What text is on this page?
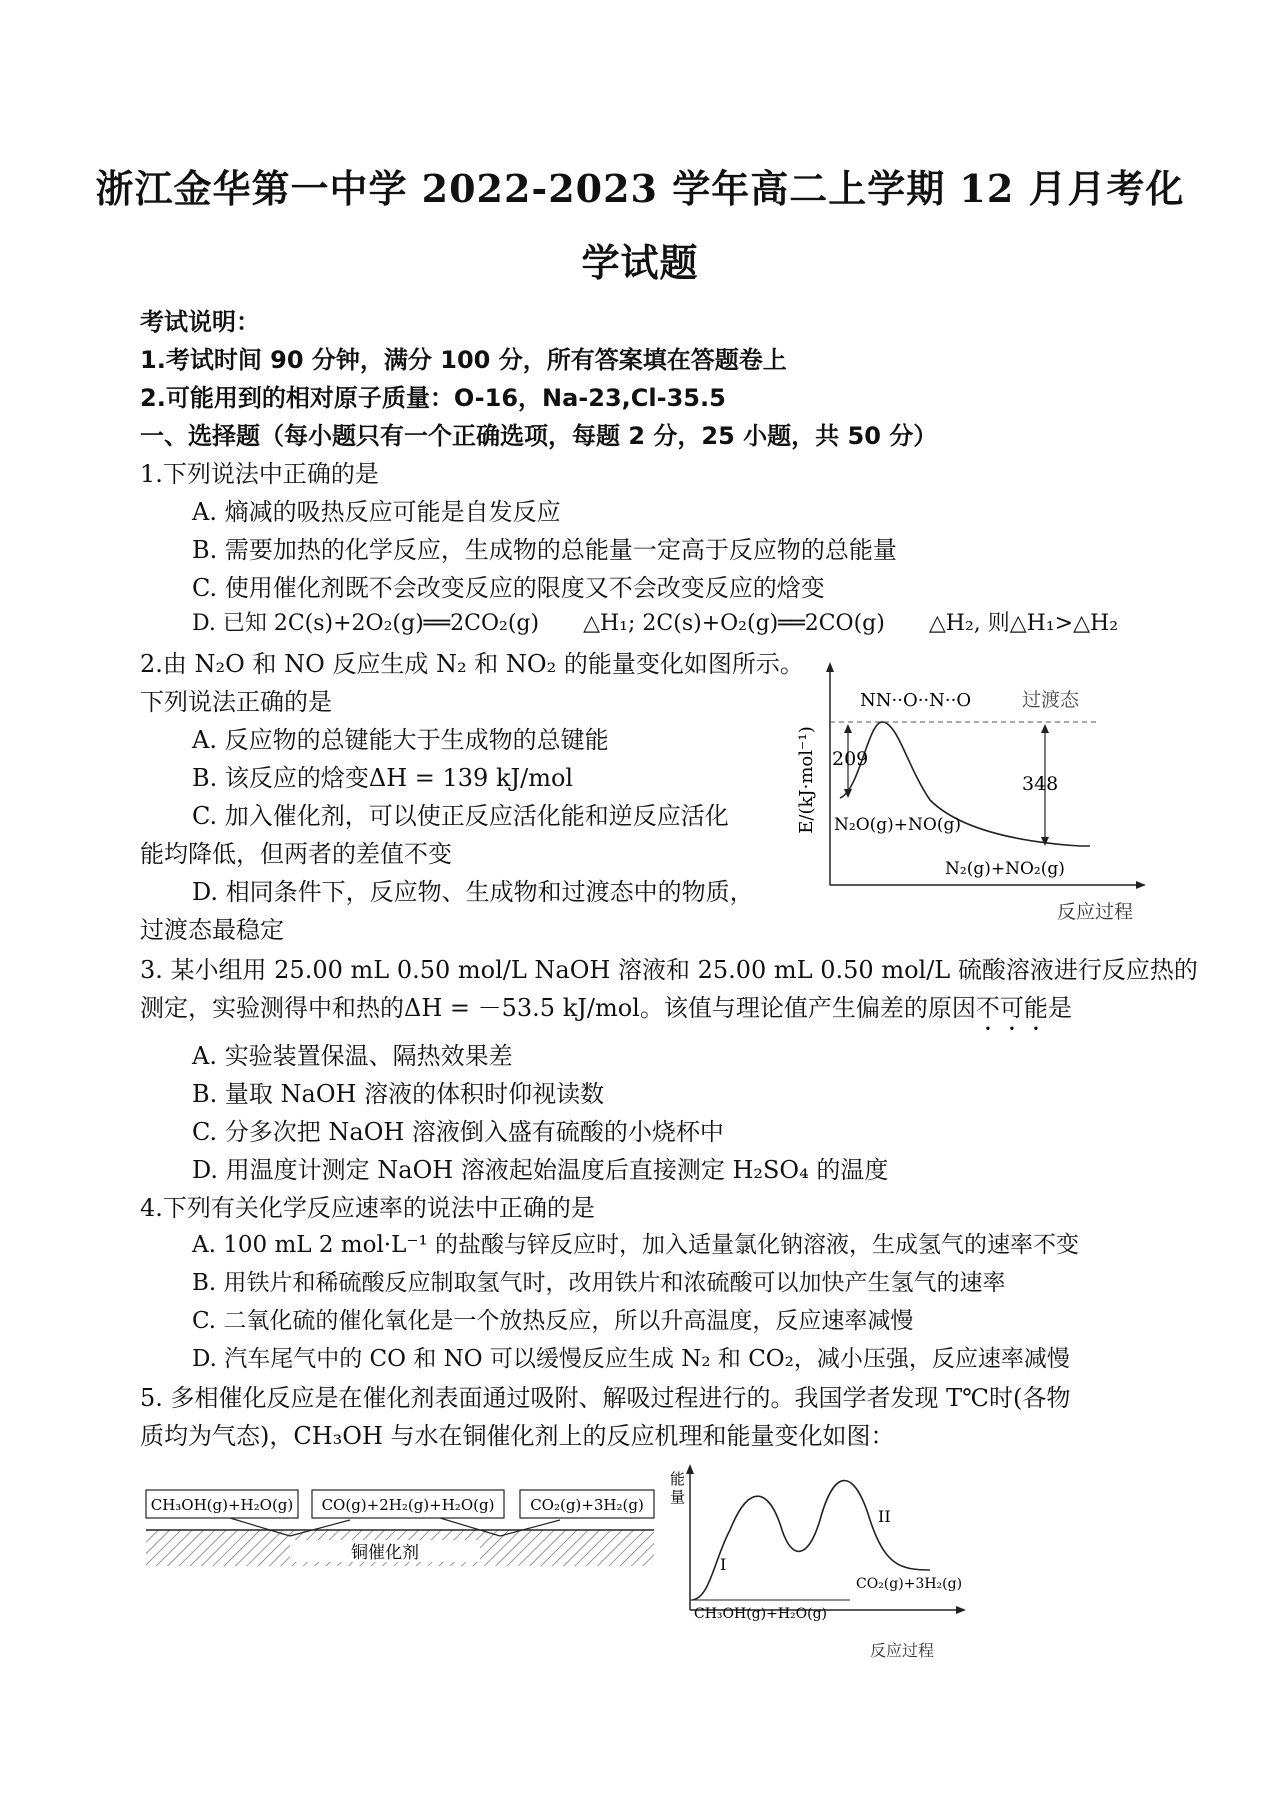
浙江金华第一中学 2022-2023 学年高二上学期 12 月月考化
学试题
考试说明：
1.考试时间 90 分钟，满分 100 分，所有答案填在答题卷上
2.可能用到的相对原子质量：O-16，Na-23,Cl-35.5
一、选择题（每小题只有一个正确选项，每题 2 分，25 小题，共 50 分）
1.下列说法中正确的是
A. 熵减的吸热反应可能是自发反应
B. 需要加热的化学反应，生成物的总能量一定高于反应物的总能量
C. 使用催化剂既不会改变反应的限度又不会改变反应的焓变
D. 已知 2C(s)+2O₂(g)══2CO₂(g)　　△H₁; 2C(s)+O₂(g)══2CO(g)　　△H₂, 则△H₁>△H₂
2.由 N₂O 和 NO 反应生成 N₂ 和 NO₂ 的能量变化如图所示。
下列说法正确的是
A. 反应物的总键能大于生成物的总键能
B. 该反应的焓变ΔH = 139 kJ/mol
C. 加入催化剂，可以使正反应活化能和逆反应活化
能均降低，但两者的差值不变
D. 相同条件下，反应物、生成物和过渡态中的物质，
过渡态最稳定
E/(kJ·mol⁻¹)
反应过程
NN··O··N··O	过渡态
209
348
N₂O(g)+NO(g)
N₂(g)+NO₂(g)
3. 某小组用 25.00 mL 0.50 mol/L NaOH 溶液和 25.00 mL 0.50 mol/L 硫酸溶液进行反应热的
测定，实验测得中和热的ΔH = －53.5 kJ/mol。该值与理论值产生偏差的原因不可能是
A. 实验装置保温、隔热效果差
B. 量取 NaOH 溶液的体积时仰视读数
C. 分多次把 NaOH 溶液倒入盛有硫酸的小烧杯中
D. 用温度计测定 NaOH 溶液起始温度后直接测定 H₂SO₄ 的温度
4.下列有关化学反应速率的说法中正确的是
A. 100 mL 2 mol·L⁻¹ 的盐酸与锌反应时，加入适量氯化钠溶液，生成氢气的速率不变
B. 用铁片和稀硫酸反应制取氢气时，改用铁片和浓硫酸可以加快产生氢气的速率
C. 二氧化硫的催化氧化是一个放热反应，所以升高温度，反应速率减慢
D. 汽车尾气中的 CO 和 NO 可以缓慢反应生成 N₂ 和 CO₂，减小压强，反应速率减慢
5. 多相催化反应是在催化剂表面通过吸附、解吸过程进行的。我国学者发现 T℃时(各物
质均为气态)，CH₃OH 与水在铜催化剂上的反应机理和能量变化如图：
铜催化剂
CH₃OH(g)+H₂O(g) CO(g)+2H₂(g)+H₂O(g) CO₂(g)+3H₂(g)
能
量
I
II
CH₃OH(g)+H₂O(g)
CO₂(g)+3H₂(g)
反应过程
